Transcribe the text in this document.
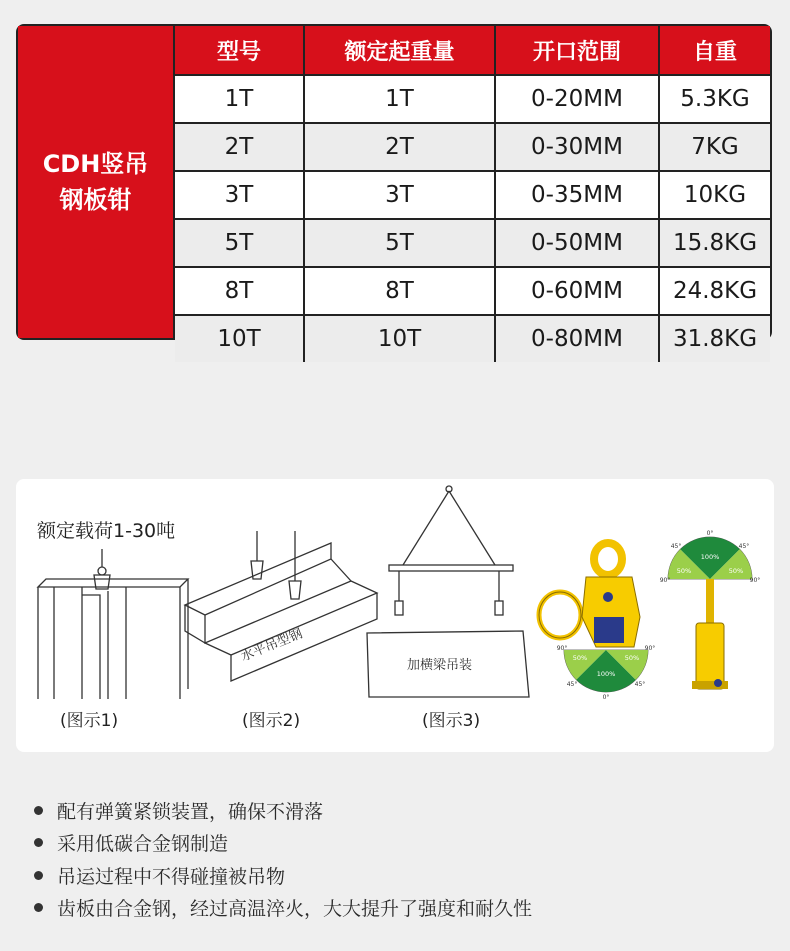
CDH竖吊
钢板钳
型号	额定起重量	开口范围	自重
1T	1T	0-20MM	5.3KG
2T	2T	0-30MM	7KG
3T	3T	0-35MM	10KG
5T	5T	0-50MM	15.8KG
8T	8T	0-60MM	24.8KG
10T	10T	0-80MM	31.8KG
额定载荷1-30吨
(图示1)
水平吊型钢
(图示2)
加横梁吊装
(图示3)
50%
100%
50%
90°	90°
45°	45°
0°
50%
100%
50%
90°	90°
45°	45°
0°
配有弹簧紧锁装置，确保不滑落
采用低碳合金钢制造
吊运过程中不得碰撞被吊物
齿板由合金钢，经过高温淬火，大大提升了强度和耐久性
